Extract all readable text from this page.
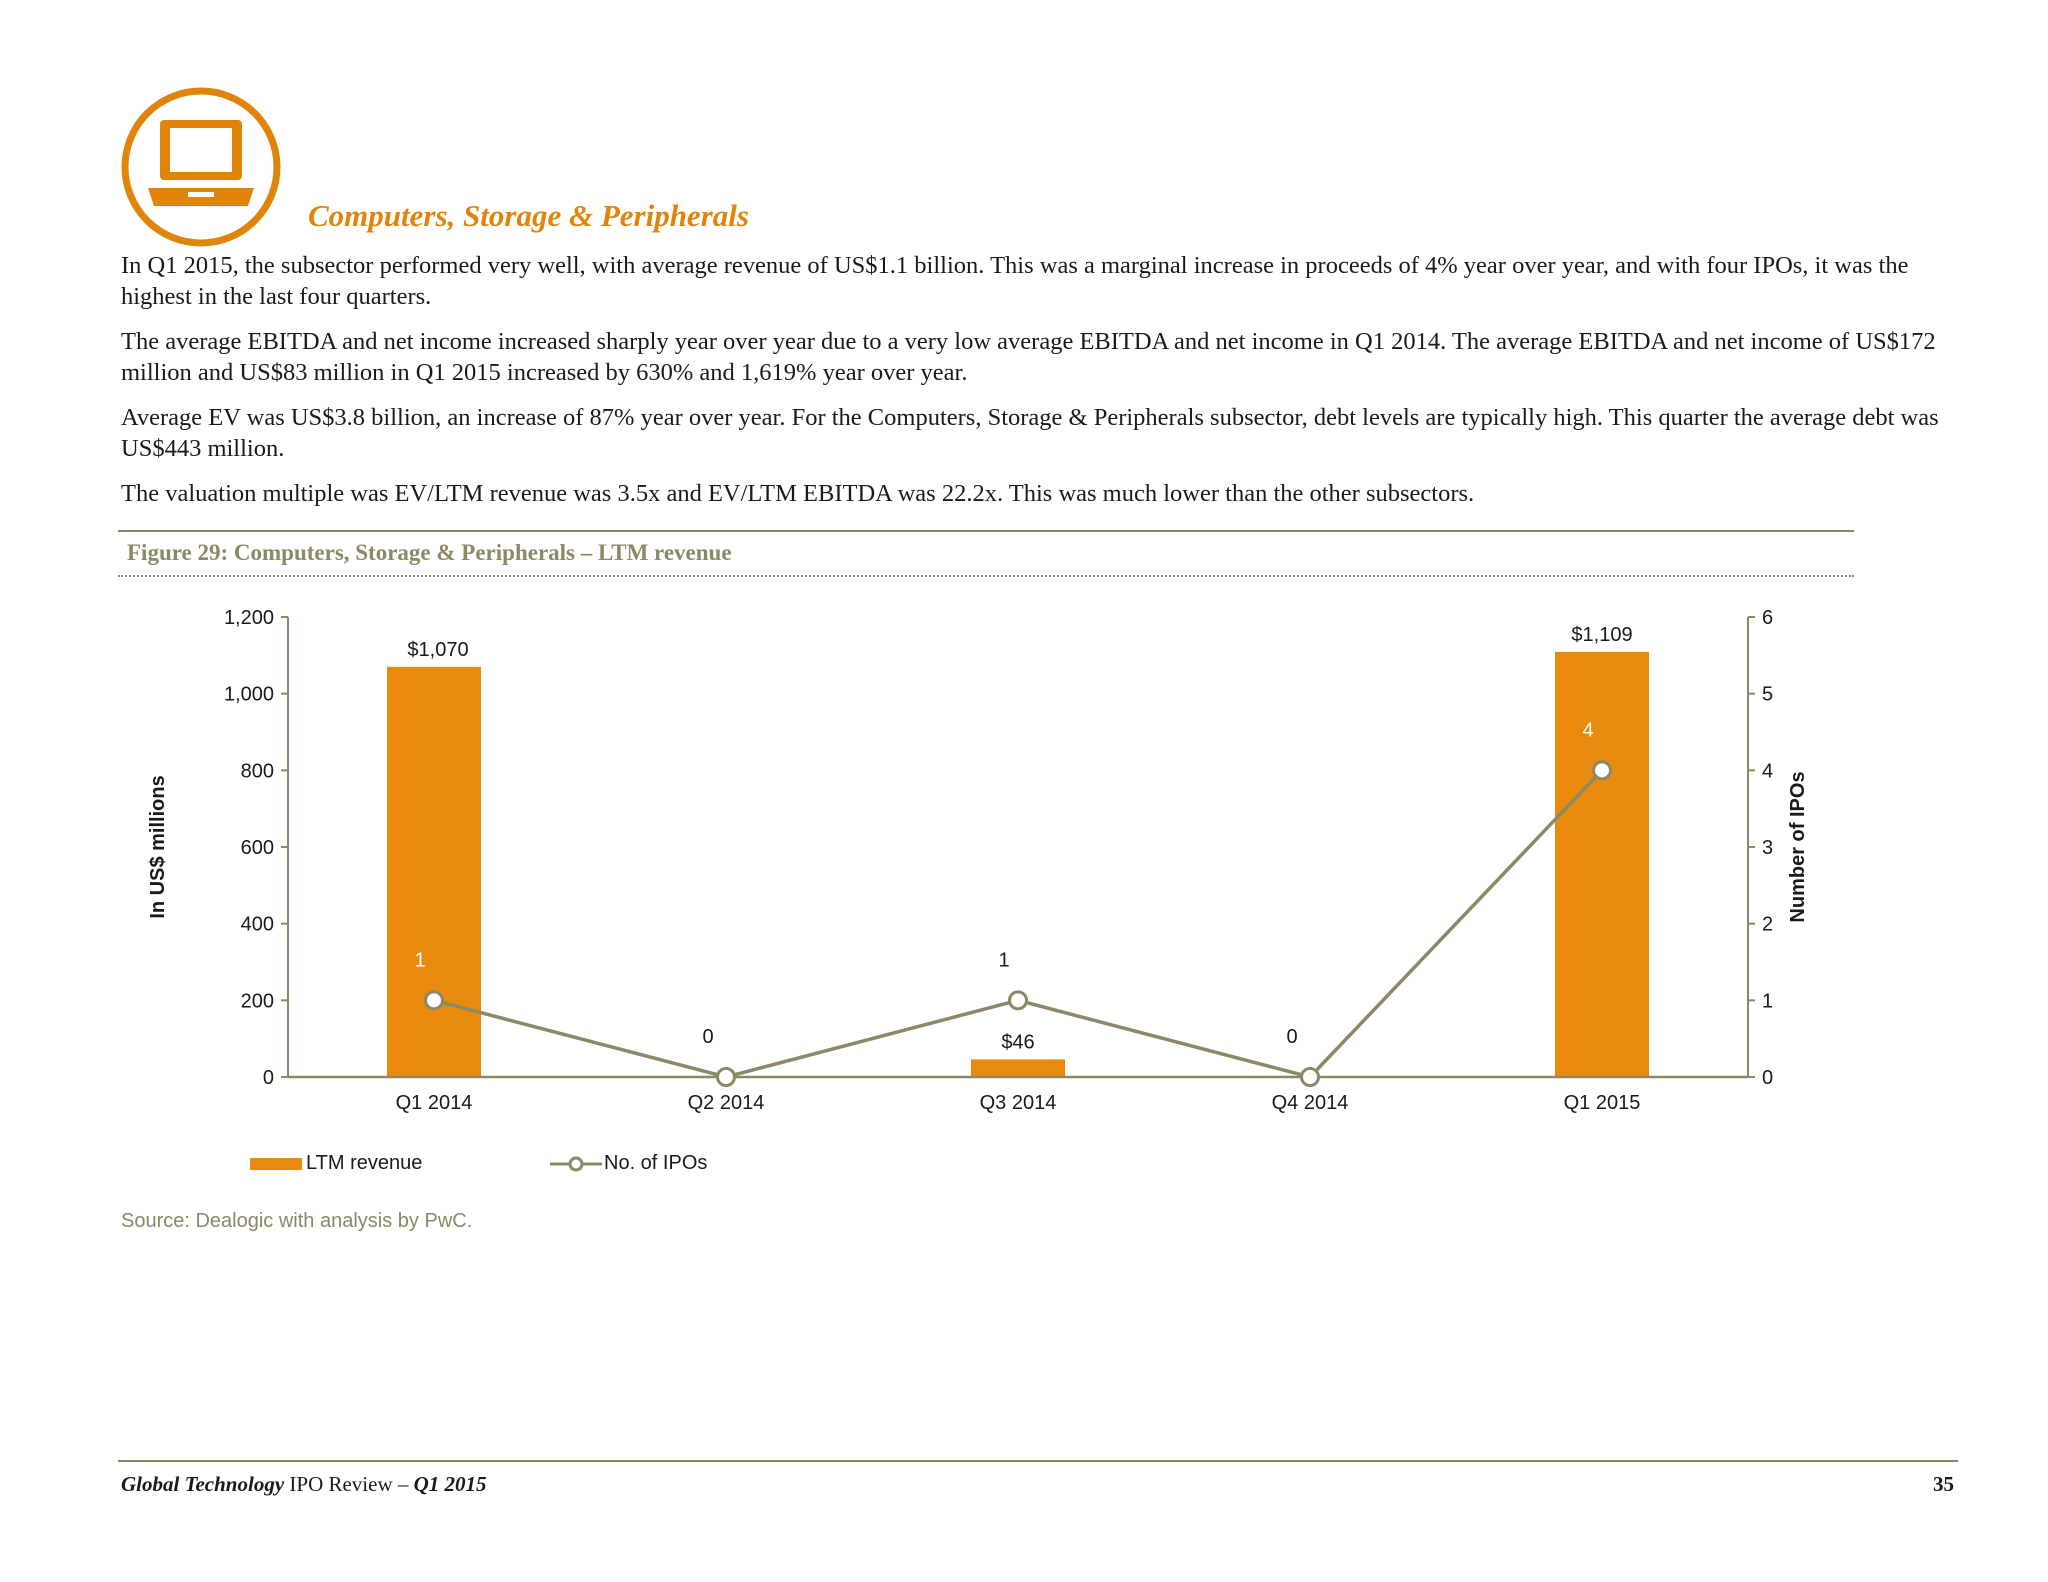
Computers, Storage & Peripherals

In Q1 2015, the subsector performed very well, with average revenue of US$1.1 billion. This was a marginal increase in proceeds of 4% year over year, and with four IPOs, it was the highest in the last four quarters.

The average EBITDA and net income increased sharply year over year due to a very low average EBITDA and net income in Q1 2014. The average EBITDA and net income of US$172 million and US$83 million in Q1 2015 increased by 630% and 1,619% year over year.

Average EV was US$3.8 billion, an increase of 87% year over year. For the Computers, Storage & Peripherals subsector, debt levels are typically high. This quarter the average debt was US$443 million.

The valuation multiple was EV/LTM revenue was 3.5x and EV/LTM EBITDA was 22.2x. This was much lower than the other subsectors.

Figure 29: Computers, Storage & Peripherals – LTM revenue
0
200
400
600
800
1,000
1,200
0
1
2
3
4
5
6
In US$ millions	Number of IPOs
$1,070
$46
$1,109
Q1 2014	Q2 2014	Q3 2014	Q4 2014	Q1 2015
1
0
1
0
4
LTM revenue	No. of IPOs

Source: Dealogic with analysis by PwC.

Global Technology IPO Review – Q1 2015	35
